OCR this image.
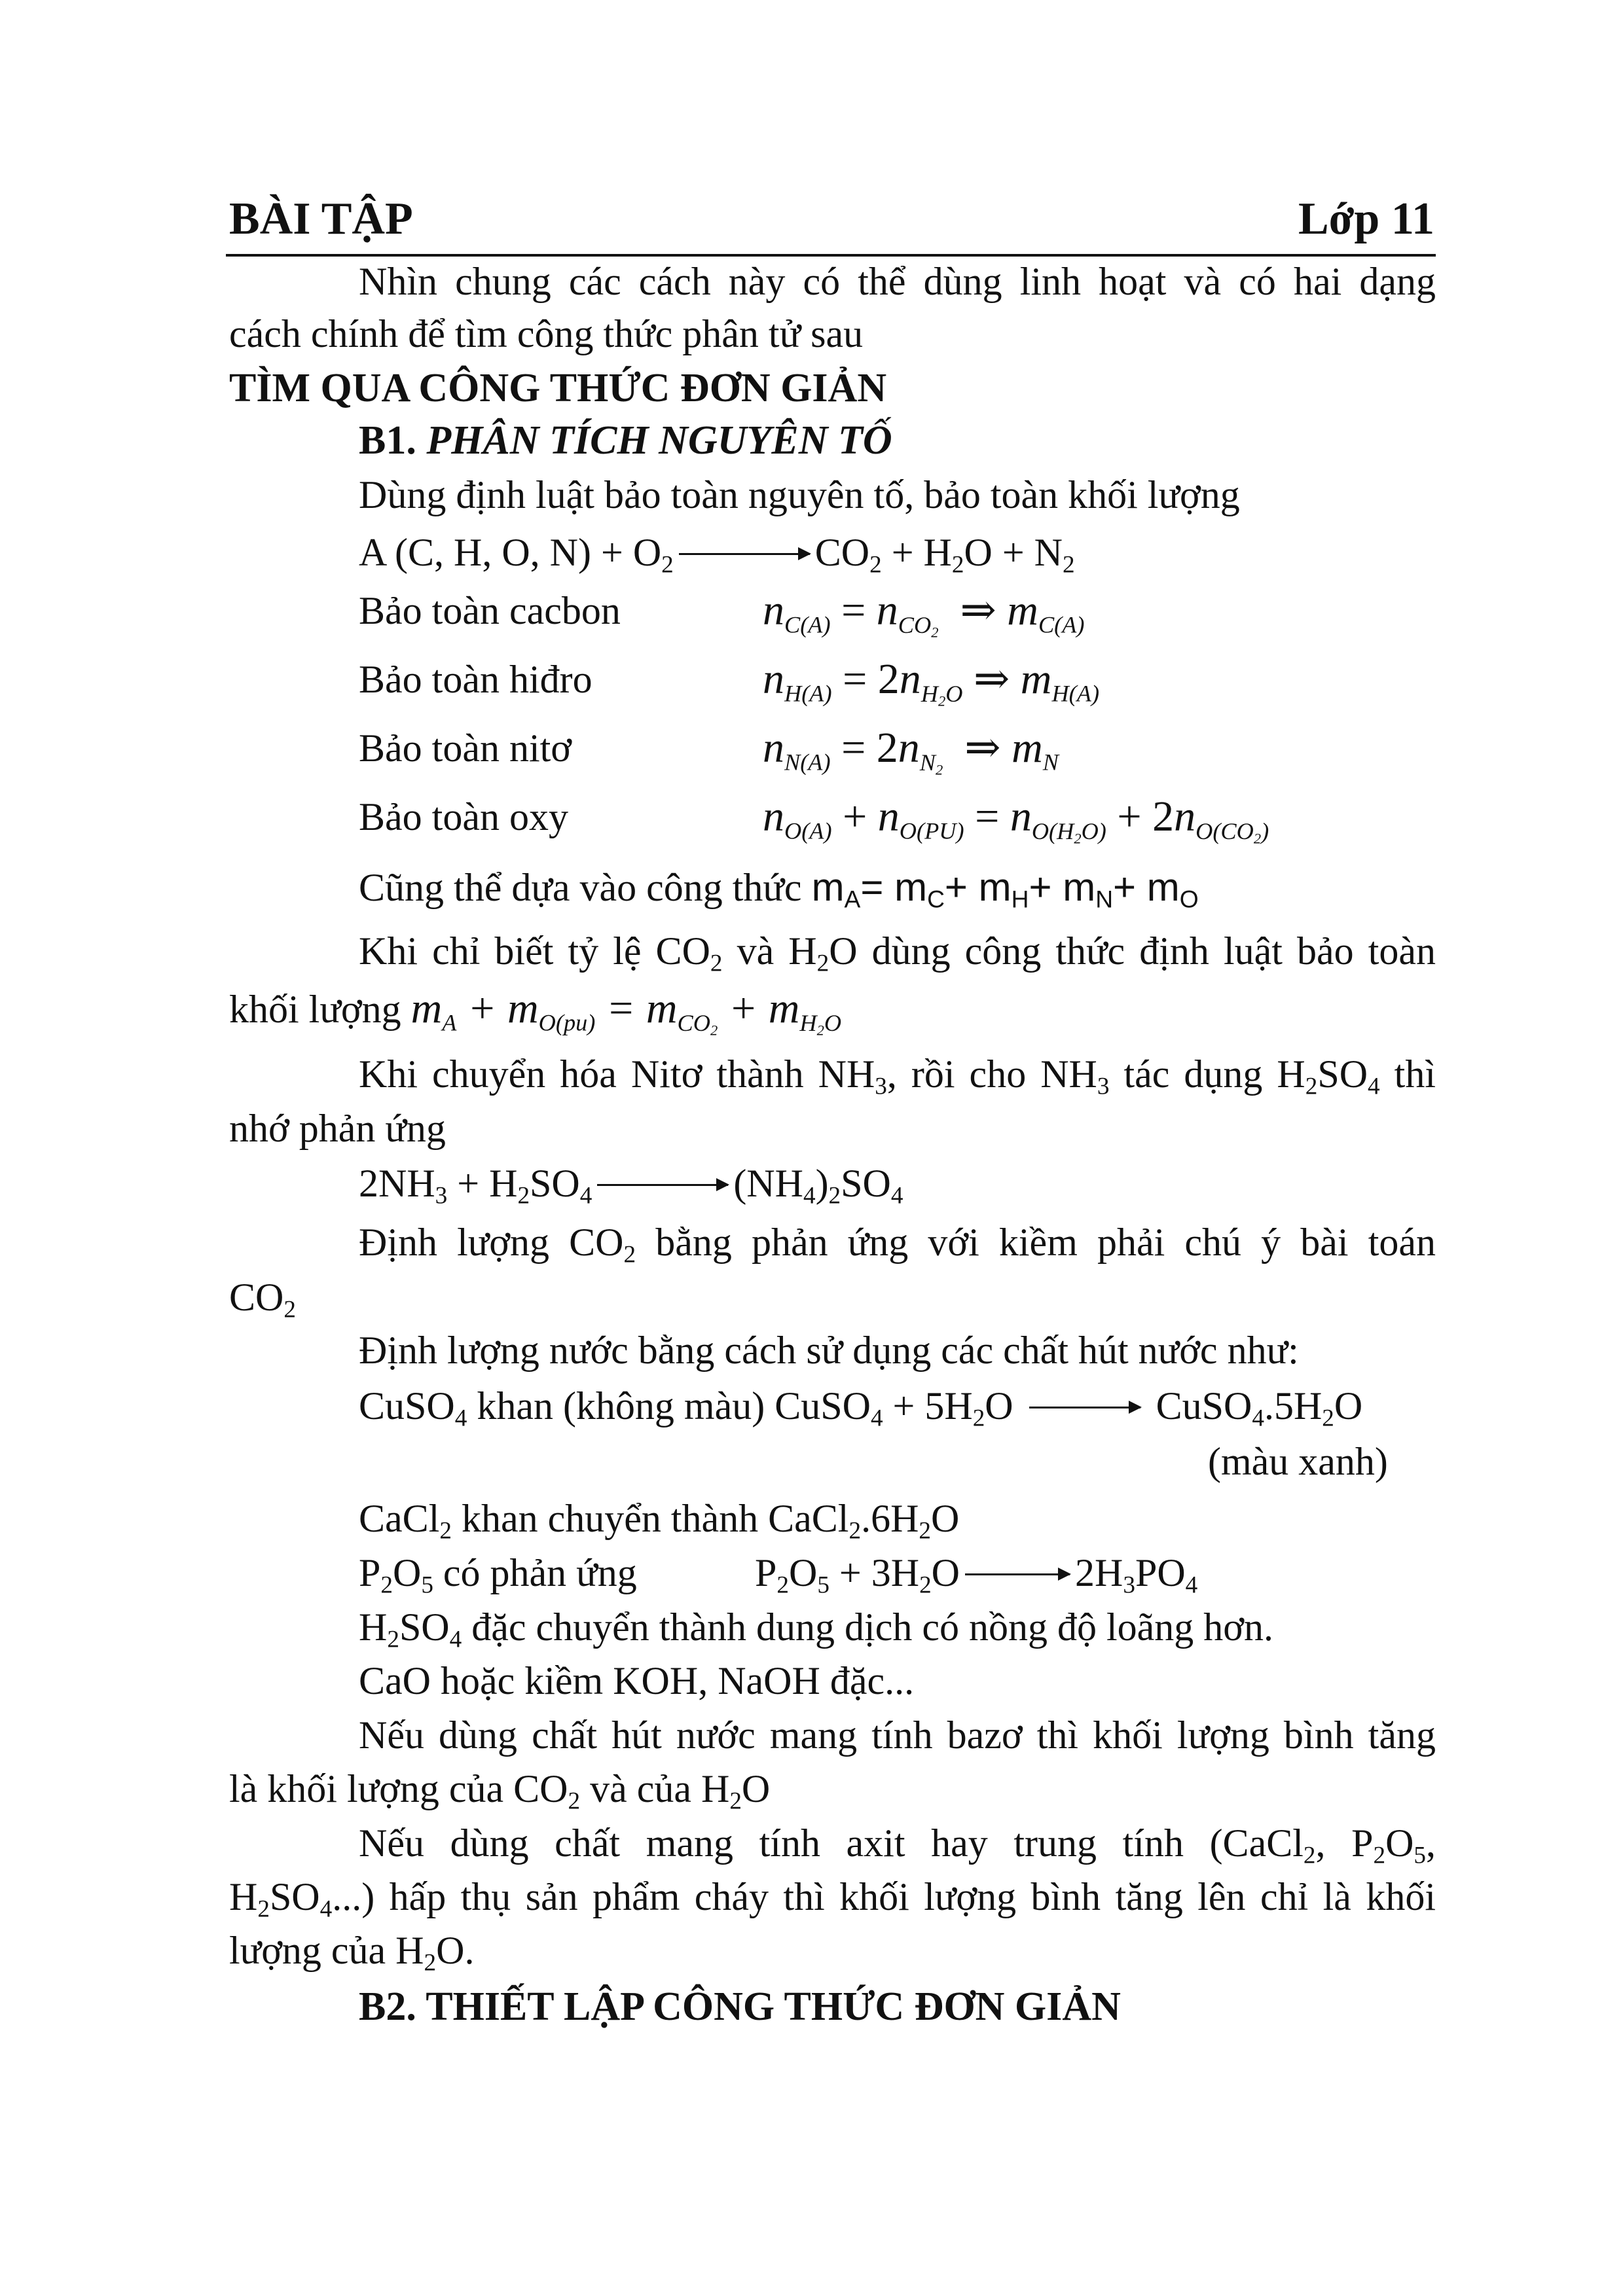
BÀI TẬP	Lớp 11
Nhìn chung các cách này có thể dùng linh hoạt và có hai dạng
cách chính để tìm công thức phân tử sau
TÌM QUA CÔNG THỨC ĐƠN GIẢN
B1. PHÂN TÍCH NGUYÊN TỐ
Dùng định luật bảo toàn nguyên tố, bảo toàn khối lượng
A (C, H, O, $N) + O_2 \to CO_2 + H_2O + N_2$
Bảo toàn cacbon	nC(A) = nCO$_2$  ⇒ mC(A)
Bảo toàn hiđro	$nH(A) = 2nH_2O$ ⇒ mH(A)
Bảo toàn nitơ	$nN(A) = 2nN_2$  ⇒ mN
Bảo toàn oxy	$nO(A) + nO(PU) = nO(H_2O) + 2nO(CO_2)$
Cũng thể dựa vào công thức $m_A= m_C+ m_H+ m_N+ m_O$
Khi chỉ biết tỷ lệ $CO_2$ và $H_2O$ dùng công thức định luật bảo toàn
khối lượng mA + $mO(pu) = mCO_2 + mH_2O$
Khi chuyển hóa Nitơ thành $NH_3$, rồi cho $NH_3$ tác dụng $H_2SO_4$ thì
nhớ phản ứng
$2NH_3 + H_2SO_4 \to (NH_4)_2SO_4$
Định lượng $CO_2$ bằng phản ứng với kiềm phải chú ý bài toán
$CO_2$
Định lượng nước bằng cách sử dụng các chất hút nước như:
CuSO$_4$ khan (không màu) CuSO$_4$ + $5H_2O$ → $CuSO_4.5H_2O$
(màu xanh)
CaCl$_2$ khan chuyển thành $CaCl_2.6H_2O$
$P_2O_5$ có phản ứng	$P_2O_5 + 3H_2O \to 2H_3PO_4$
$H_2SO_4$ đặc chuyển thành dung dịch có nồng độ loãng hơn.
CaO hoặc kiềm KOH, NaOH đặc...
Nếu dùng chất hút nước mang tính bazơ thì khối lượng bình tăng
là khối lượng của $CO_2$ và của $H_2O$
Nếu dùng chất mang tính axit hay trung tính (CaCl$_2$, $P_2O_5$,
$H_2SO_4$...) hấp thụ sản phẩm cháy thì khối lượng bình tăng lên chỉ là khối
lượng của $H_2O$.
B2. THIẾT LẬP CÔNG THỨC ĐƠN GIẢN
